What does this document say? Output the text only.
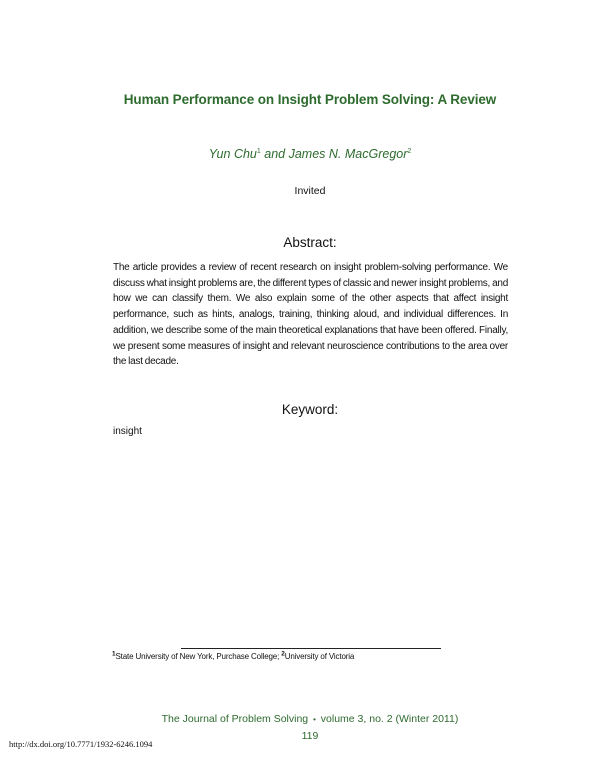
Human Performance on Insight Problem Solving: A Review
Yun Chu$^1$ and James N. MacGregor$^2$
Invited
Abstract:
The article provides a review of recent research on insight problem-solving performance. We discuss what insight problems are, the different types of classic and newer insight problems, and how we can classify them. We also explain some of the other aspects that affect insight performance, such as hints, analogs, training, thinking aloud, and individual differences. In addition, we describe some of the main theoretical explanations that have been offered. Finally, we present some measures of insight and relevant neuroscience contributions to the area over the last decade.
Keyword:
insight
$^1$State University of New York, Purchase College; $^2$University of Victoria
The Journal of Problem Solving • volume 3, no. 2 (Winter 2011)
119
http://dx.doi.org/10.7771/1932-6246.1094
